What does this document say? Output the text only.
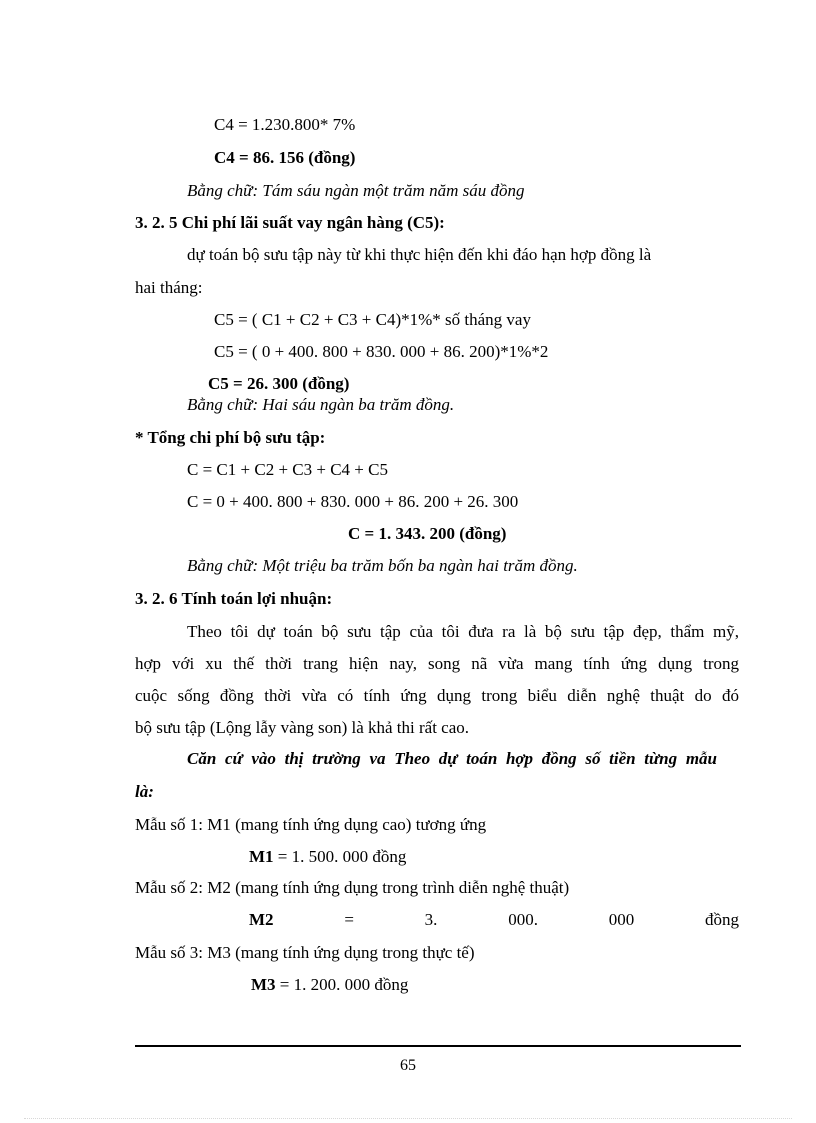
C4 = 1.230.800* 7%
C4 = 86. 156 (đồng)
Bằng chữ: Tám sáu ngàn một trăm năm sáu đồng
3. 2. 5 Chi phí lãi suất vay ngân hàng (C5):
dự toán bộ sưu tập này từ khi thực hiện đến khi đáo hạn hợp đồng là
hai tháng:
C5 = ( C1 + C2 + C3 + C4)*1%* số tháng vay
C5 = ( 0 + 400. 800 + 830. 000 + 86. 200)*1%*2
C5 = 26. 300 (đồng)
Bằng chữ: Hai sáu ngàn ba trăm đồng.
* Tổng chi phí bộ sưu tập:
C = C1 + C2 + C3 + C4 + C5
C = 0 + 400. 800 + 830. 000 + 86. 200 + 26. 300
C = 1. 343. 200 (đồng)
Bằng chữ: Một triệu ba trăm bốn ba ngàn hai trăm đồng.
3. 2. 6 Tính toán lợi nhuận:
Theo tôi dự toán bộ sưu tập của tôi đưa ra là bộ sưu tập đẹp, thẩm mỹ,
hợp với xu thế thời trang hiện nay, song nã vừa mang tính ứng dụng trong
cuộc sống đồng thời vừa có tính ứng dụng trong biểu diễn nghệ thuật do đó
bộ sưu tập (Lộng lẫy vàng son) là khả thi rất cao.
Căn cứ vào thị trường va Theo dự toán hợp đồng số tiền từng mẫu
là:
Mẫu số 1: M1 (mang tính ứng dụng cao) tương ứng
M1 = 1. 500. 000 đồng
Mẫu số 2: M2 (mang tính ứng dụng trong trình diễn nghệ thuật)
M2	=	3.	000.	000	đồng
Mẫu số 3: M3 (mang tính ứng dụng trong thực tế)
M3 = 1. 200. 000 đồng
65
